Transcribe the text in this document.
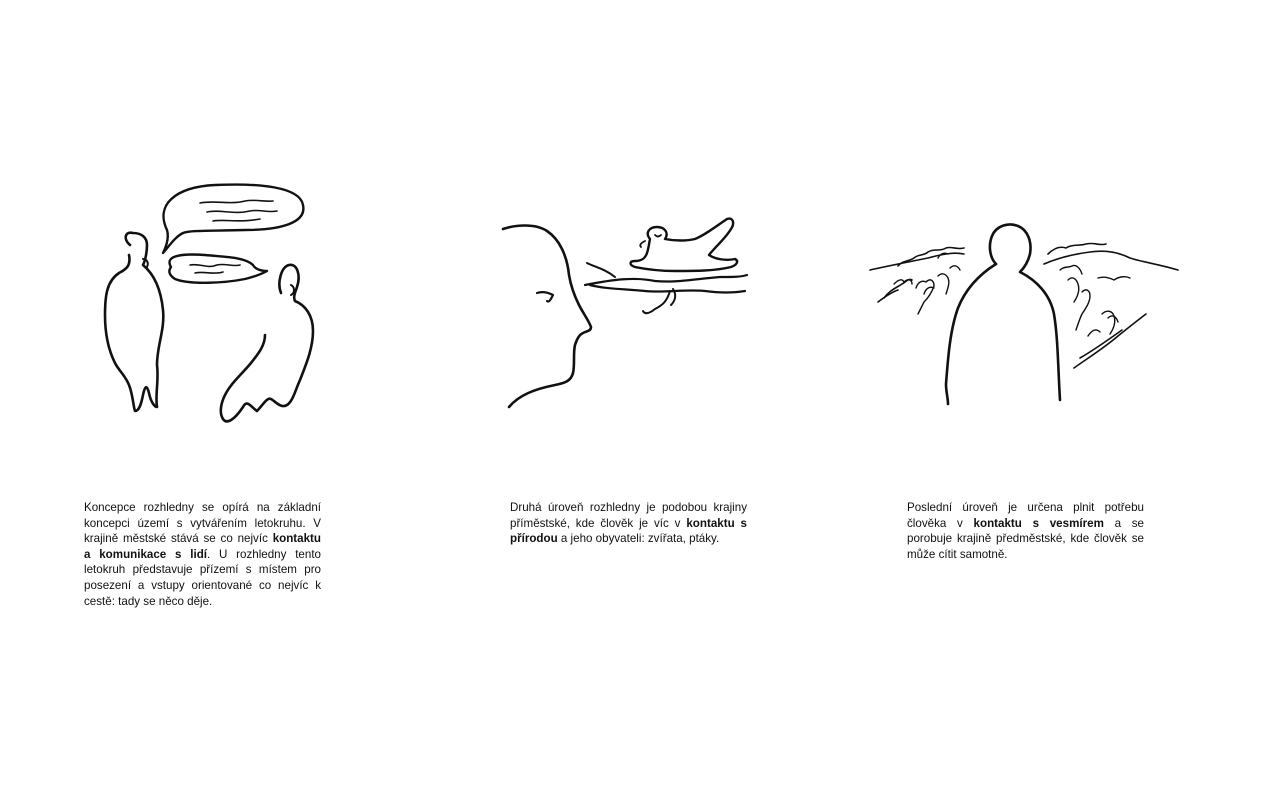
Koncepce rozhledny se opírá na základní koncepci území s vytvářením letokruhu. V krajině městské stává se co nejvíc kontaktu a komunikace s lidí. U rozhledny tento letokruh představuje přízemí s místem pro posezení a vstupy orientované co nejvíc k cestě: tady se něco děje.

Druhá úroveň rozhledny je podobou krajiny příměstské, kde člověk je víc v kontaktu s přírodou a jeho obyvateli: zvířata, ptáky.

Poslední úroveň je určena plnit potřebu člověka v kontaktu s vesmírem a se porobuje krajině předměstské, kde člověk se může cítit samotně.
